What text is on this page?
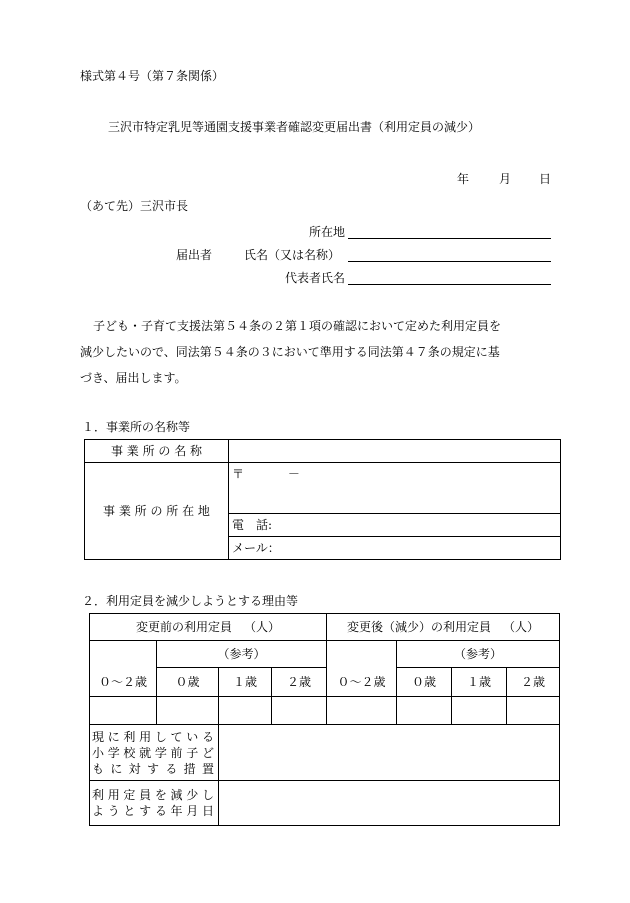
様式第４号（第７条関係）
三沢市特定乳児等通園支援事業者確認変更届出書（利用定員の減少）
年 月 日
（あて先）三沢市長
所在地
届出者	氏名（又は名称）
代表者氏名
子ども・子育て支援法第５４条の２第１項の確認において定めた利用定員を
減少したいので、同法第５４条の３において準用する同法第４７条の規定に基
づき、届出します。
１．事業所の名称等
事 業 所 の 名 称	
事 業 所 の 所 在 地	〒 －
	電　話:
	メール：
２．利用定員を減少しようとする理由等
変更前の利用定員 （人）				変更後（減少）の利用定員 （人）			
	（参考）				（参考）		
０～２歳	０歳	１歳	２歳	０～２歳	０歳	１歳	２歳

現に利用している
小学校就学前子ど
もに対する措置							

利用定員を減少し
ようとする年月日							
